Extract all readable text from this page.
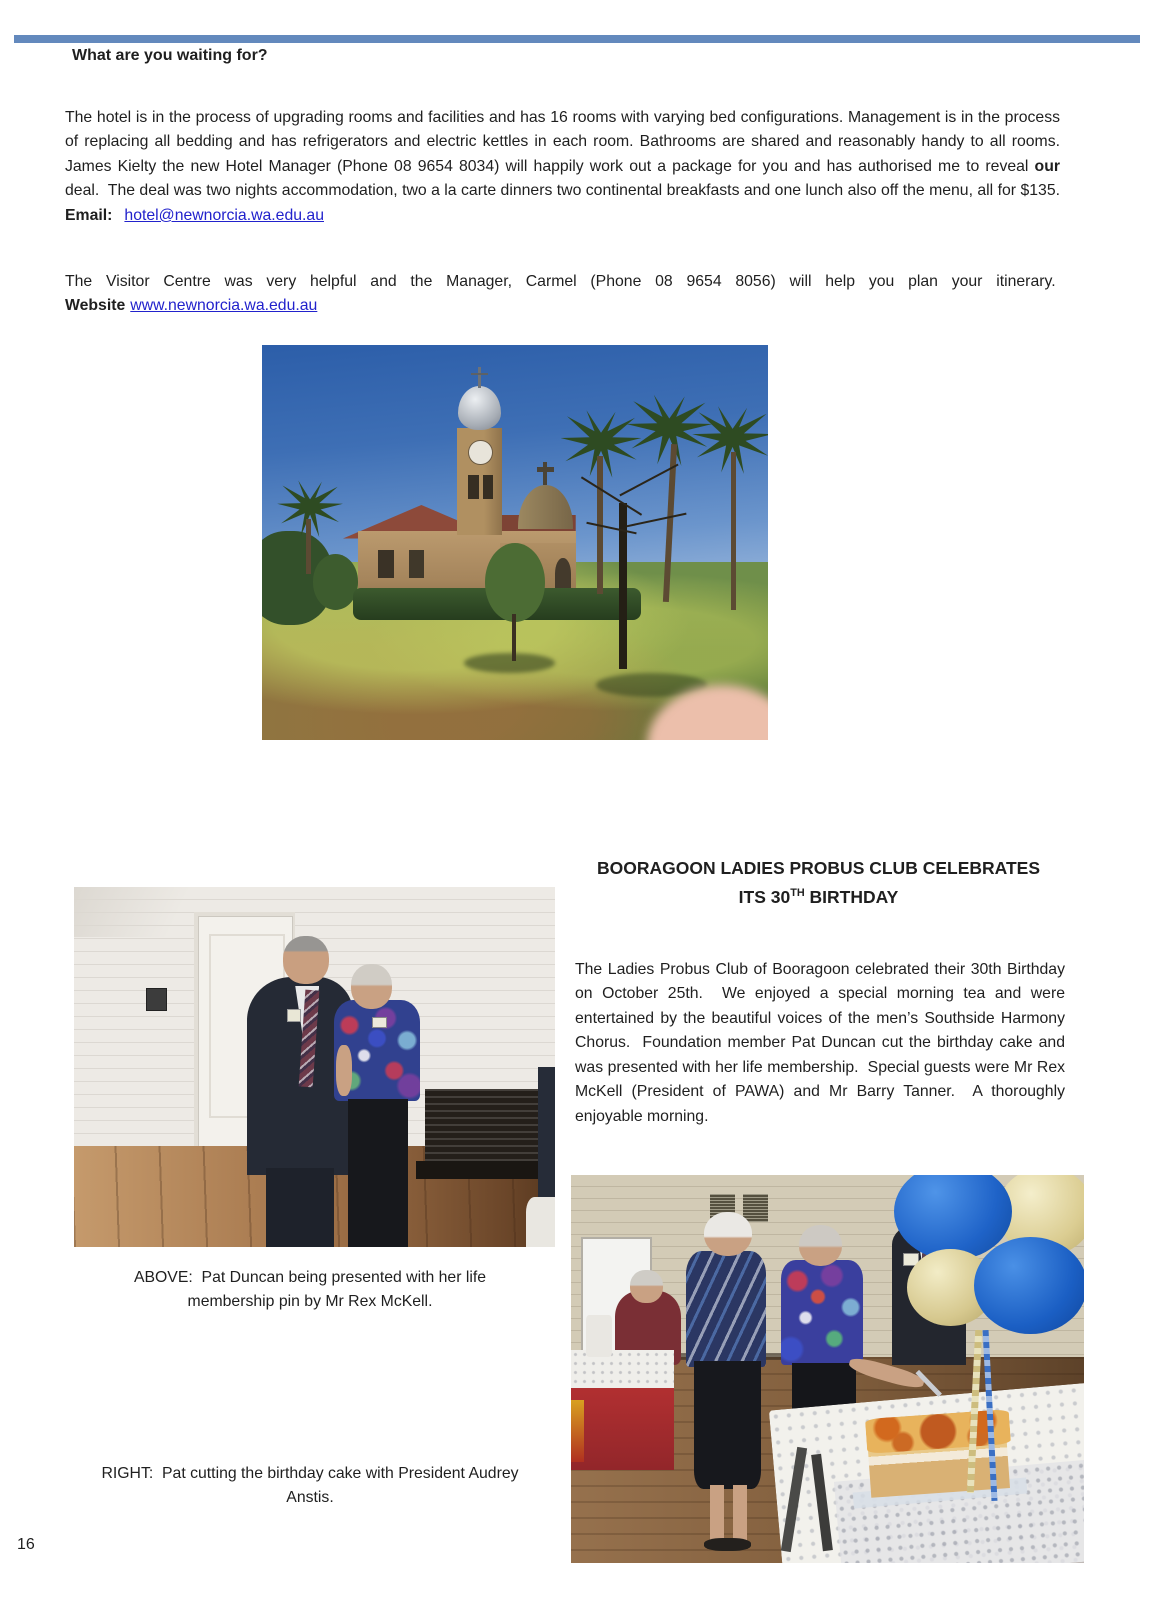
What are you waiting for?

The hotel is in the process of upgrading rooms and facilities and has 16 rooms with varying bed configurations. Management is in the process of replacing all bedding and has refrigerators and electric kettles in each room. Bathrooms are shared and reasonably handy to all rooms. James Kielty the new Hotel Manager (Phone 08 9654 8034) will happily work out a package for you and has authorised me to reveal our deal.  The deal was two nights accommodation, two a la carte dinners two continental breakfasts and one lunch also off the menu, all for $135. Email: hotel@newnorcia.wa.edu.au

The Visitor Centre was very helpful and the Manager, Carmel (Phone 08 9654 8056) will help you plan your itinerary.  Website www.newnorcia.wa.edu.au

ABOVE:  Pat Duncan being presented with her life membership pin by Mr Rex McKell.
RIGHT:  Pat cutting the birthday cake with President Audrey Anstis.
BOORAGOON LADIES PROBUS CLUB CELEBRATES
ITS 30TH BIRTHDAY

The Ladies Probus Club of Booragoon celebrated their 30th Birthday on October 25th.  We enjoyed a special morning tea and were entertained by the beautiful voices of the men’s Southside Harmony Chorus.  Foundation member Pat Duncan cut the birthday cake and was presented with her life membership.  Special guests were Mr Rex McKell (President of PAWA) and Mr Barry Tanner.  A thoroughly enjoyable morning.

16
